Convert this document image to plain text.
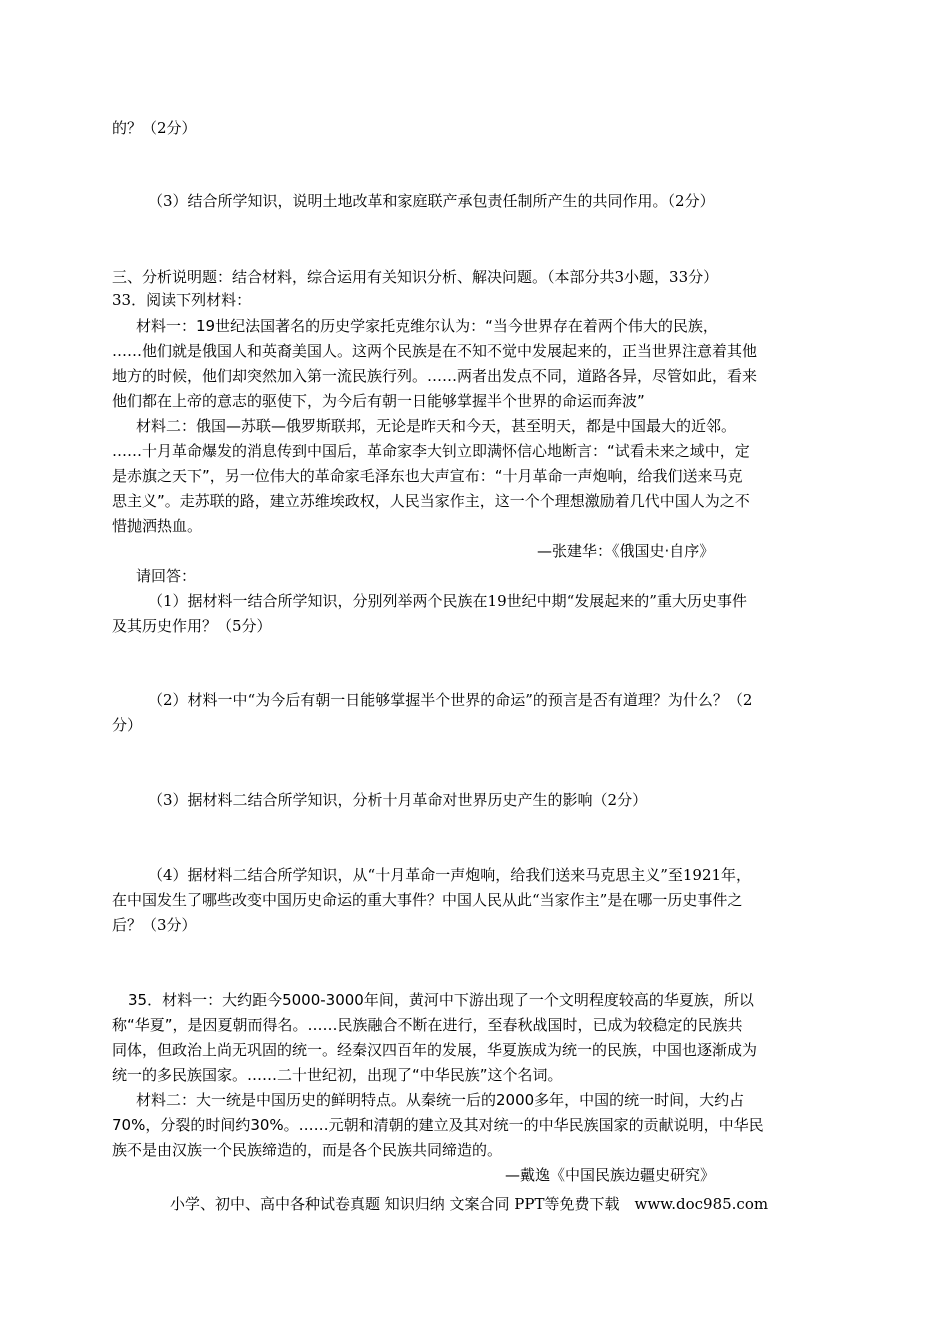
的？（2分）
（3）结合所学知识，说明土地改革和家庭联产承包责任制所产生的共同作用。（2分）
三、分析说明题：结合材料，综合运用有关知识分析、解决问题。（本部分共3小题，33分）
33．阅读下列材料：
材料一：19世纪法国著名的历史学家托克维尔认为：“当今世界存在着两个伟大的民族，
……他们就是俄国人和英裔美国人。这两个民族是在不知不觉中发展起来的，正当世界注意着其他
地方的时候，他们却突然加入第一流民族行列。……两者出发点不同，道路各异，尽管如此，看来
他们都在上帝的意志的驱使下，为今后有朝一日能够掌握半个世界的命运而奔波”
材料二：俄国—苏联—俄罗斯联邦，无论是昨天和今天，甚至明天，都是中国最大的近邻。
……十月革命爆发的消息传到中国后，革命家李大钊立即满怀信心地断言：“试看未来之域中，定
是赤旗之天下”，另一位伟大的革命家毛泽东也大声宣布：“十月革命一声炮响，给我们送来马克
思主义”。走苏联的路，建立苏维埃政权，人民当家作主，这一个个理想激励着几代中国人为之不
惜抛洒热血。
—张建华：《俄国史·自序》
请回答：
（1）据材料一结合所学知识，分别列举两个民族在19世纪中期“发展起来的”重大历史事件
及其历史作用？（5分）
（2）材料一中“为今后有朝一日能够掌握半个世界的命运”的预言是否有道理？为什么？（2
分）
（3）据材料二结合所学知识，分析十月革命对世界历史产生的影响（2分）
（4）据材料二结合所学知识，从“十月革命一声炮响，给我们送来马克思主义”至1921年，
在中国发生了哪些改变中国历史命运的重大事件？中国人民从此“当家作主”是在哪一历史事件之
后？（3分）
35．材料一：大约距今5000-3000年间，黄河中下游出现了一个文明程度较高的华夏族，所以
称“华夏”，是因夏朝而得名。……民族融合不断在进行，至春秋战国时，已成为较稳定的民族共
同体，但政治上尚无巩固的统一。经秦汉四百年的发展，华夏族成为统一的民族，中国也逐渐成为
统一的多民族国家。……二十世纪初，出现了“中华民族”这个名词。
材料二：大一统是中国历史的鲜明特点。从秦统一后的2000多年，中国的统一时间，大约占
70%，分裂的时间约30%。……元朝和清朝的建立及其对统一的中华民族国家的贡献说明，中华民
族不是由汉族一个民族缔造的，而是各个民族共同缔造的。
—戴逸《中国民族边疆史研究》
小学、初中、高中各种试卷真题 知识归纳 文案合同 PPT等免费下载　www.doc985.com
